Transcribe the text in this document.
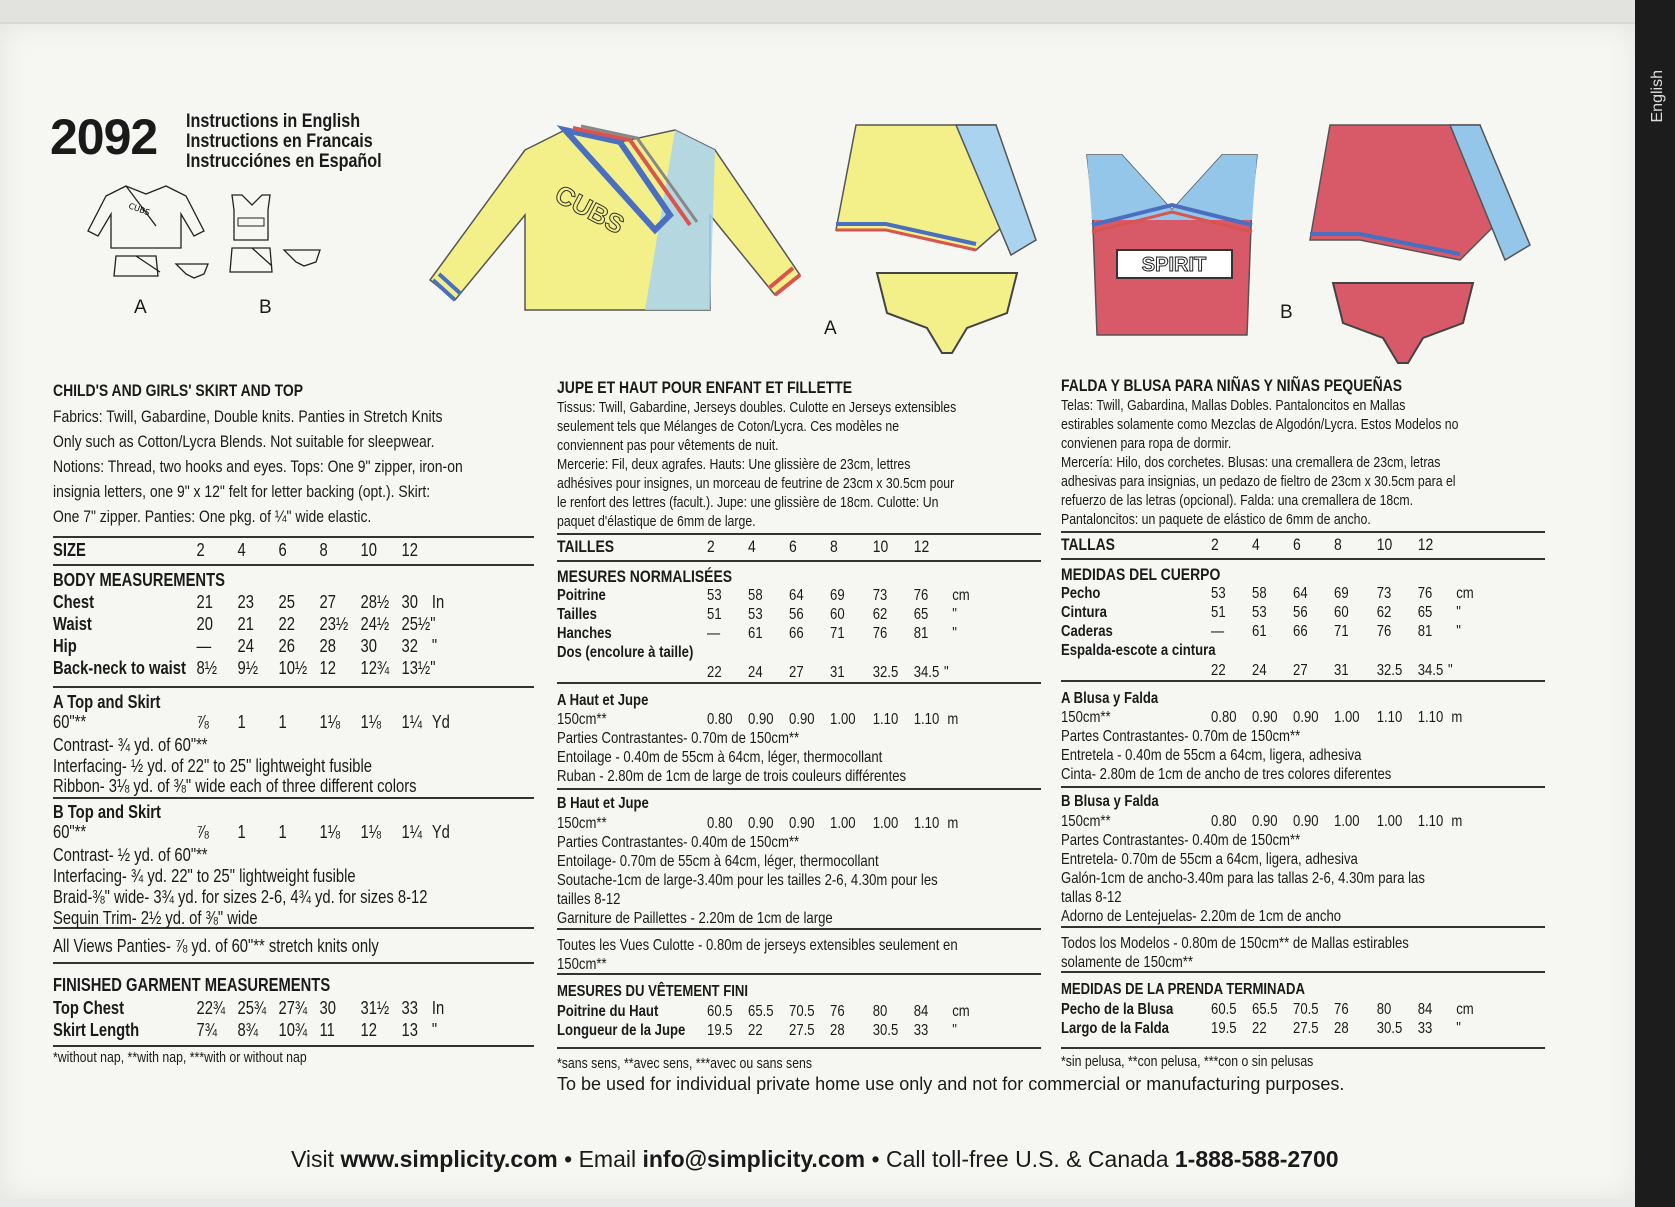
English
2092 Instructions in English
Instructions en Francais
Instrucciónes en Español
CUBS
A	B
CUBS
A
SPIRIT
B
CHILD'S AND GIRLS' SKIRT AND TOP
Fabrics: Twill, Gabardine, Double knits. Panties in Stretch Knits
Only such as Cotton/Lycra Blends. Not suitable for sleepwear.
Notions: Thread, two hooks and eyes. Tops: One 9" zipper, iron-on
insignia letters, one 9" x 12" felt for letter backing (opt.). Skirt:
One 7" zipper. Panties: One pkg. of ¼" wide elastic.
SIZE	2 4 6 8 10 12
BODY MEASUREMENTS
Chest	21 23 25 27 28½ 30 In
Waist	20 21 22 23½ 24½ 25½"
Hip	— 24 26 28 30 32 "
Back-neck to waist 8½ 9½ 10½ 12 12¾ 13½"
A Top and Skirt
60"**	⅞ 1 1 1⅛ 1⅛ 1¼ Yd
Contrast- ¾ yd. of 60"**
Interfacing- ½ yd. of 22" to 25" lightweight fusible
Ribbon- 3⅛ yd. of ⅜" wide each of three different colors
B Top and Skirt
60"**	⅞ 1 1 1⅛ 1⅛ 1¼ Yd
Contrast- ½ yd. of 60"**
Interfacing- ¾ yd. 22" to 25" lightweight fusible
Braid-⅜" wide- 3¾ yd. for sizes 2-6, 4¾ yd. for sizes 8-12
Sequin Trim- 2½ yd. of ⅜" wide
All Views Panties- ⅞ yd. of 60"** stretch knits only
FINISHED GARMENT MEASUREMENTS
Top Chest	22¾ 25¾ 27¾ 30 31½ 33 In
Skirt Length	7¾ 8¾ 10¾ 11 12 13 "
*without nap, **with nap, ***with or without nap
JUPE ET HAUT POUR ENFANT ET FILLETTE
Tissus: Twill, Gabardine, Jerseys doubles. Culotte en Jerseys extensibles
seulement tels que Mélanges de Coton/Lycra. Ces modèles ne
conviennent pas pour vêtements de nuit.
Mercerie: Fil, deux agrafes. Hauts: Une glissière de 23cm, lettres
adhésives pour insignes, un morceau de feutrine de 23cm x 30.5cm pour
le renfort des lettres (facult.). Jupe: une glissière de 18cm. Culotte: Un
paquet d'élastique de 6mm de large.
TAILLES	2 4 6 8 10 12
MESURES NORMALISÉES
Poitrine	53 58 64 69 73 76 cm
Tailles	51 53 56 60 62 65 "
Hanches	— 61 66 71 76 81 "
Dos (encolure à taille)
22 24 27 31 32.5 34.5 "
A Haut et Jupe
150cm**	0.80 0.90 0.90 1.00 1.10 1.10 m
Parties Contrastantes- 0.70m de 150cm**
Entoilage - 0.40m de 55cm à 64cm, léger, thermocollant
Ruban - 2.80m de 1cm de large de trois couleurs différentes
B Haut et Jupe
150cm**	0.80 0.90 0.90 1.00 1.00 1.10 m
Parties Contrastantes- 0.40m de 150cm**
Entoilage- 0.70m de 55cm à 64cm, léger, thermocollant
Soutache-1cm de large-3.40m pour les tailles 2-6, 4.30m pour les
tailles 8-12
Garniture de Paillettes - 2.20m de 1cm de large
Toutes les Vues Culotte - 0.80m de jerseys extensibles seulement en
150cm**
MESURES DU VÊTEMENT FINI
Poitrine du Haut	60.5 65.5 70.5 76 80 84 cm
Longueur de la Jupe 19.5 22 27.5 28 30.5 33 "
*sans sens, **avec sens, ***avec ou sans sens
FALDA Y BLUSA PARA NIÑAS Y NIÑAS PEQUEÑAS
Telas: Twill, Gabardina, Mallas Dobles. Pantaloncitos en Mallas
estirables solamente como Mezclas de Algodón/Lycra. Estos Modelos no
convienen para ropa de dormir.
Mercería: Hilo, dos corchetes. Blusas: una cremallera de 23cm, letras
adhesivas para insignias, un pedazo de fieltro de 23cm x 30.5cm para el
refuerzo de las letras (opcional). Falda: una cremallera de 18cm.
Pantaloncitos: un paquete de elástico de 6mm de ancho.
TALLAS	2 4 6 8 10 12
MEDIDAS DEL CUERPO
Pecho	53 58 64 69 73 76 cm
Cintura	51 53 56 60 62 65 "
Caderas	— 61 66 71 76 81 "
Espalda-escote a cintura
22 24 27 31 32.5 34.5 "
A Blusa y Falda
150cm**	0.80 0.90 0.90 1.00 1.10 1.10 m
Partes Contrastantes- 0.70m de 150cm**
Entretela - 0.40m de 55cm a 64cm, ligera, adhesiva
Cinta- 2.80m de 1cm de ancho de tres colores diferentes
B Blusa y Falda
150cm**	0.80 0.90 0.90 1.00 1.00 1.10 m
Partes Contrastantes- 0.40m de 150cm**
Entretela- 0.70m de 55cm a 64cm, ligera, adhesiva
Galón-1cm de ancho-3.40m para las tallas 2-6, 4.30m para las
tallas 8-12
Adorno de Lentejuelas- 2.20m de 1cm de ancho
Todos los Modelos - 0.80m de 150cm** de Mallas estirables
solamente de 150cm**
MEDIDAS DE LA PRENDA TERMINADA
Pecho de la Blusa 60.5 65.5 70.5 76 80 84 cm
Largo de la Falda	19.5 22 27.5 28 30.5 33 "
*sin pelusa, **con pelusa, ***con o sin pelusas
To be used for individual private home use only and not for commercial or manufacturing purposes.
Visit www.simplicity.com • Email info@simplicity.com • Call toll-free U.S. & Canada 1-888-588-2700
